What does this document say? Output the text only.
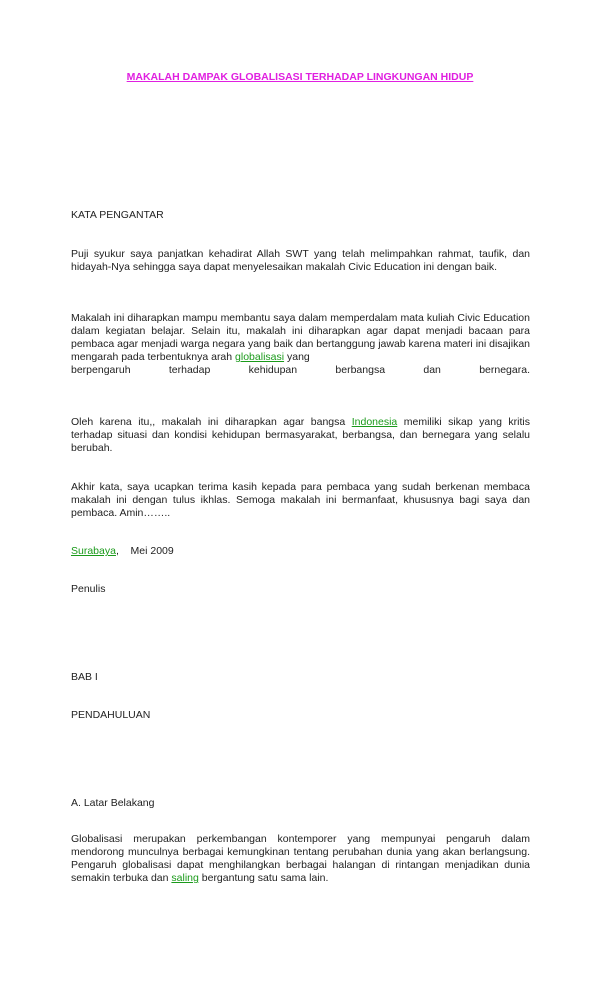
MAKALAH DAMPAK GLOBALISASI TERHADAP LINGKUNGAN HIDUP
KATA PENGANTAR
Puji syukur saya panjatkan kehadirat Allah SWT yang telah melimpahkan rahmat, taufik, dan hidayah-Nya sehingga saya dapat menyelesaikan makalah Civic Education ini dengan baik.
Makalah ini diharapkan mampu membantu saya dalam memperdalam mata kuliah Civic Education dalam kegiatan belajar. Selain itu, makalah ini diharapkan agar dapat menjadi bacaan para pembaca agar menjadi warga negara yang baik dan bertanggung jawab karena materi ini disajikan mengarah pada terbentuknya arah globalisasi yang
berpengaruh	terhadap	kehidupan	berbangsa	dan	bernegara.
Oleh karena itu,, makalah ini diharapkan agar bangsa Indonesia memiliki sikap yang kritis terhadap situasi dan kondisi kehidupan bermasyarakat, berbangsa, dan bernegara yang selalu berubah.
Akhir kata, saya ucapkan terima kasih kepada para pembaca yang sudah berkenan membaca makalah ini dengan tulus ikhlas. Semoga makalah ini bermanfaat, khususnya bagi saya dan pembaca. Amin……..
Surabaya,    Mei 2009
Penulis
BAB I
PENDAHULUAN
A. Latar Belakang
Globalisasi merupakan perkembangan kontemporer yang mempunyai pengaruh dalam mendorong munculnya berbagai kemungkinan tentang perubahan dunia yang akan berlangsung. Pengaruh globalisasi dapat menghilangkan berbagai halangan di rintangan menjadikan dunia semakin terbuka dan saling bergantung satu sama lain.
